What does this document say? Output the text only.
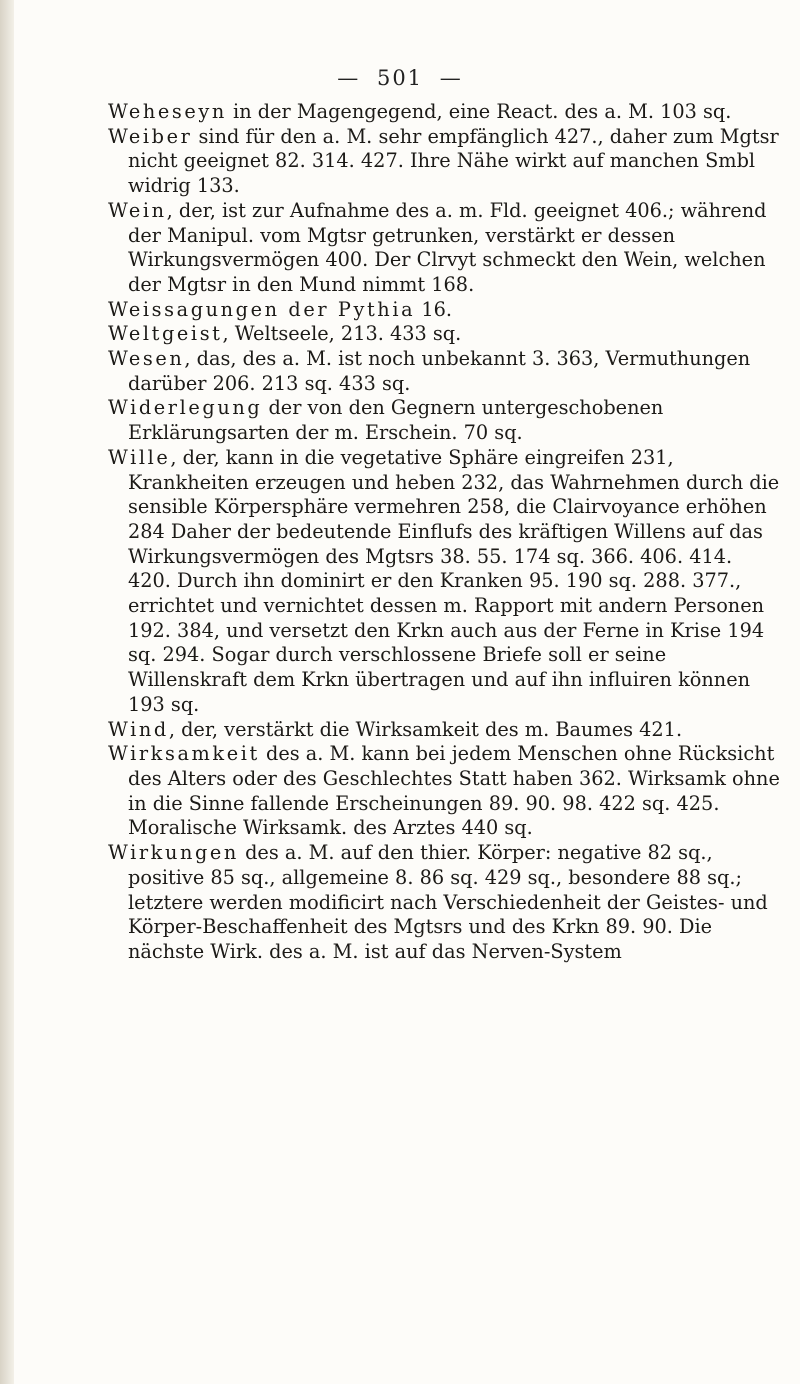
— 501 —

Weheseyn in der Magengegend, eine React. des a. M. 103 sq.

Weiber sind für den a. M. sehr empfänglich 427., daher zum Mgtsr nicht geeignet 82. 314. 427. Ihre Nähe wirkt auf manchen Smbl widrig 133.

Wein, der, ist zur Aufnahme des a. m. Fld. geeignet 406.; während der Manipul. vom Mgtsr getrunken, verstärkt er dessen Wirkungsvermögen 400. Der Clrvyt schmeckt den Wein, welchen der Mgtsr in den Mund nimmt 168.

Weissagungen der Pythia 16.

Weltgeist, Weltseele, 213. 433 sq.

Wesen, das, des a. M. ist noch unbekannt 3. 363, Vermuthungen darüber 206. 213 sq. 433 sq.

Widerlegung der von den Gegnern untergeschobenen Erklärungsarten der m. Erschein. 70 sq.

Wille, der, kann in die vegetative Sphäre eingreifen 231, Krankheiten erzeugen und heben 232, das Wahrnehmen durch die sensible Körpersphäre vermehren 258, die Clairvoyance erhöhen 284 Daher der bedeutende Einflufs des kräftigen Willens auf das Wirkungsvermögen des Mgtsrs 38. 55. 174 sq. 366. 406. 414. 420. Durch ihn dominirt er den Kranken 95. 190 sq. 288. 377., errichtet und vernichtet dessen m. Rapport mit andern Personen 192. 384, und versetzt den Krkn auch aus der Ferne in Krise 194 sq. 294. Sogar durch verschlossene Briefe soll er seine Willenskraft dem Krkn übertragen und auf ihn influiren können 193 sq.

Wind, der, verstärkt die Wirksamkeit des m. Baumes 421.

Wirksamkeit des a. M. kann bei jedem Menschen ohne Rücksicht des Alters oder des Geschlechtes Statt haben 362. Wirksamk ohne in die Sinne fallende Erscheinungen 89. 90. 98. 422 sq. 425. Moralische Wirksamk. des Arztes 440 sq.

Wirkungen des a. M. auf den thier. Körper: negative 82 sq., positive 85 sq., allgemeine 8. 86 sq. 429 sq., besondere 88 sq.; letztere werden modificirt nach Verschiedenheit der Geistes- und Körper-Beschaffenheit des Mgtsrs und des Krkn 89. 90. Die nächste Wirk. des a. M. ist auf das Nerven-System
